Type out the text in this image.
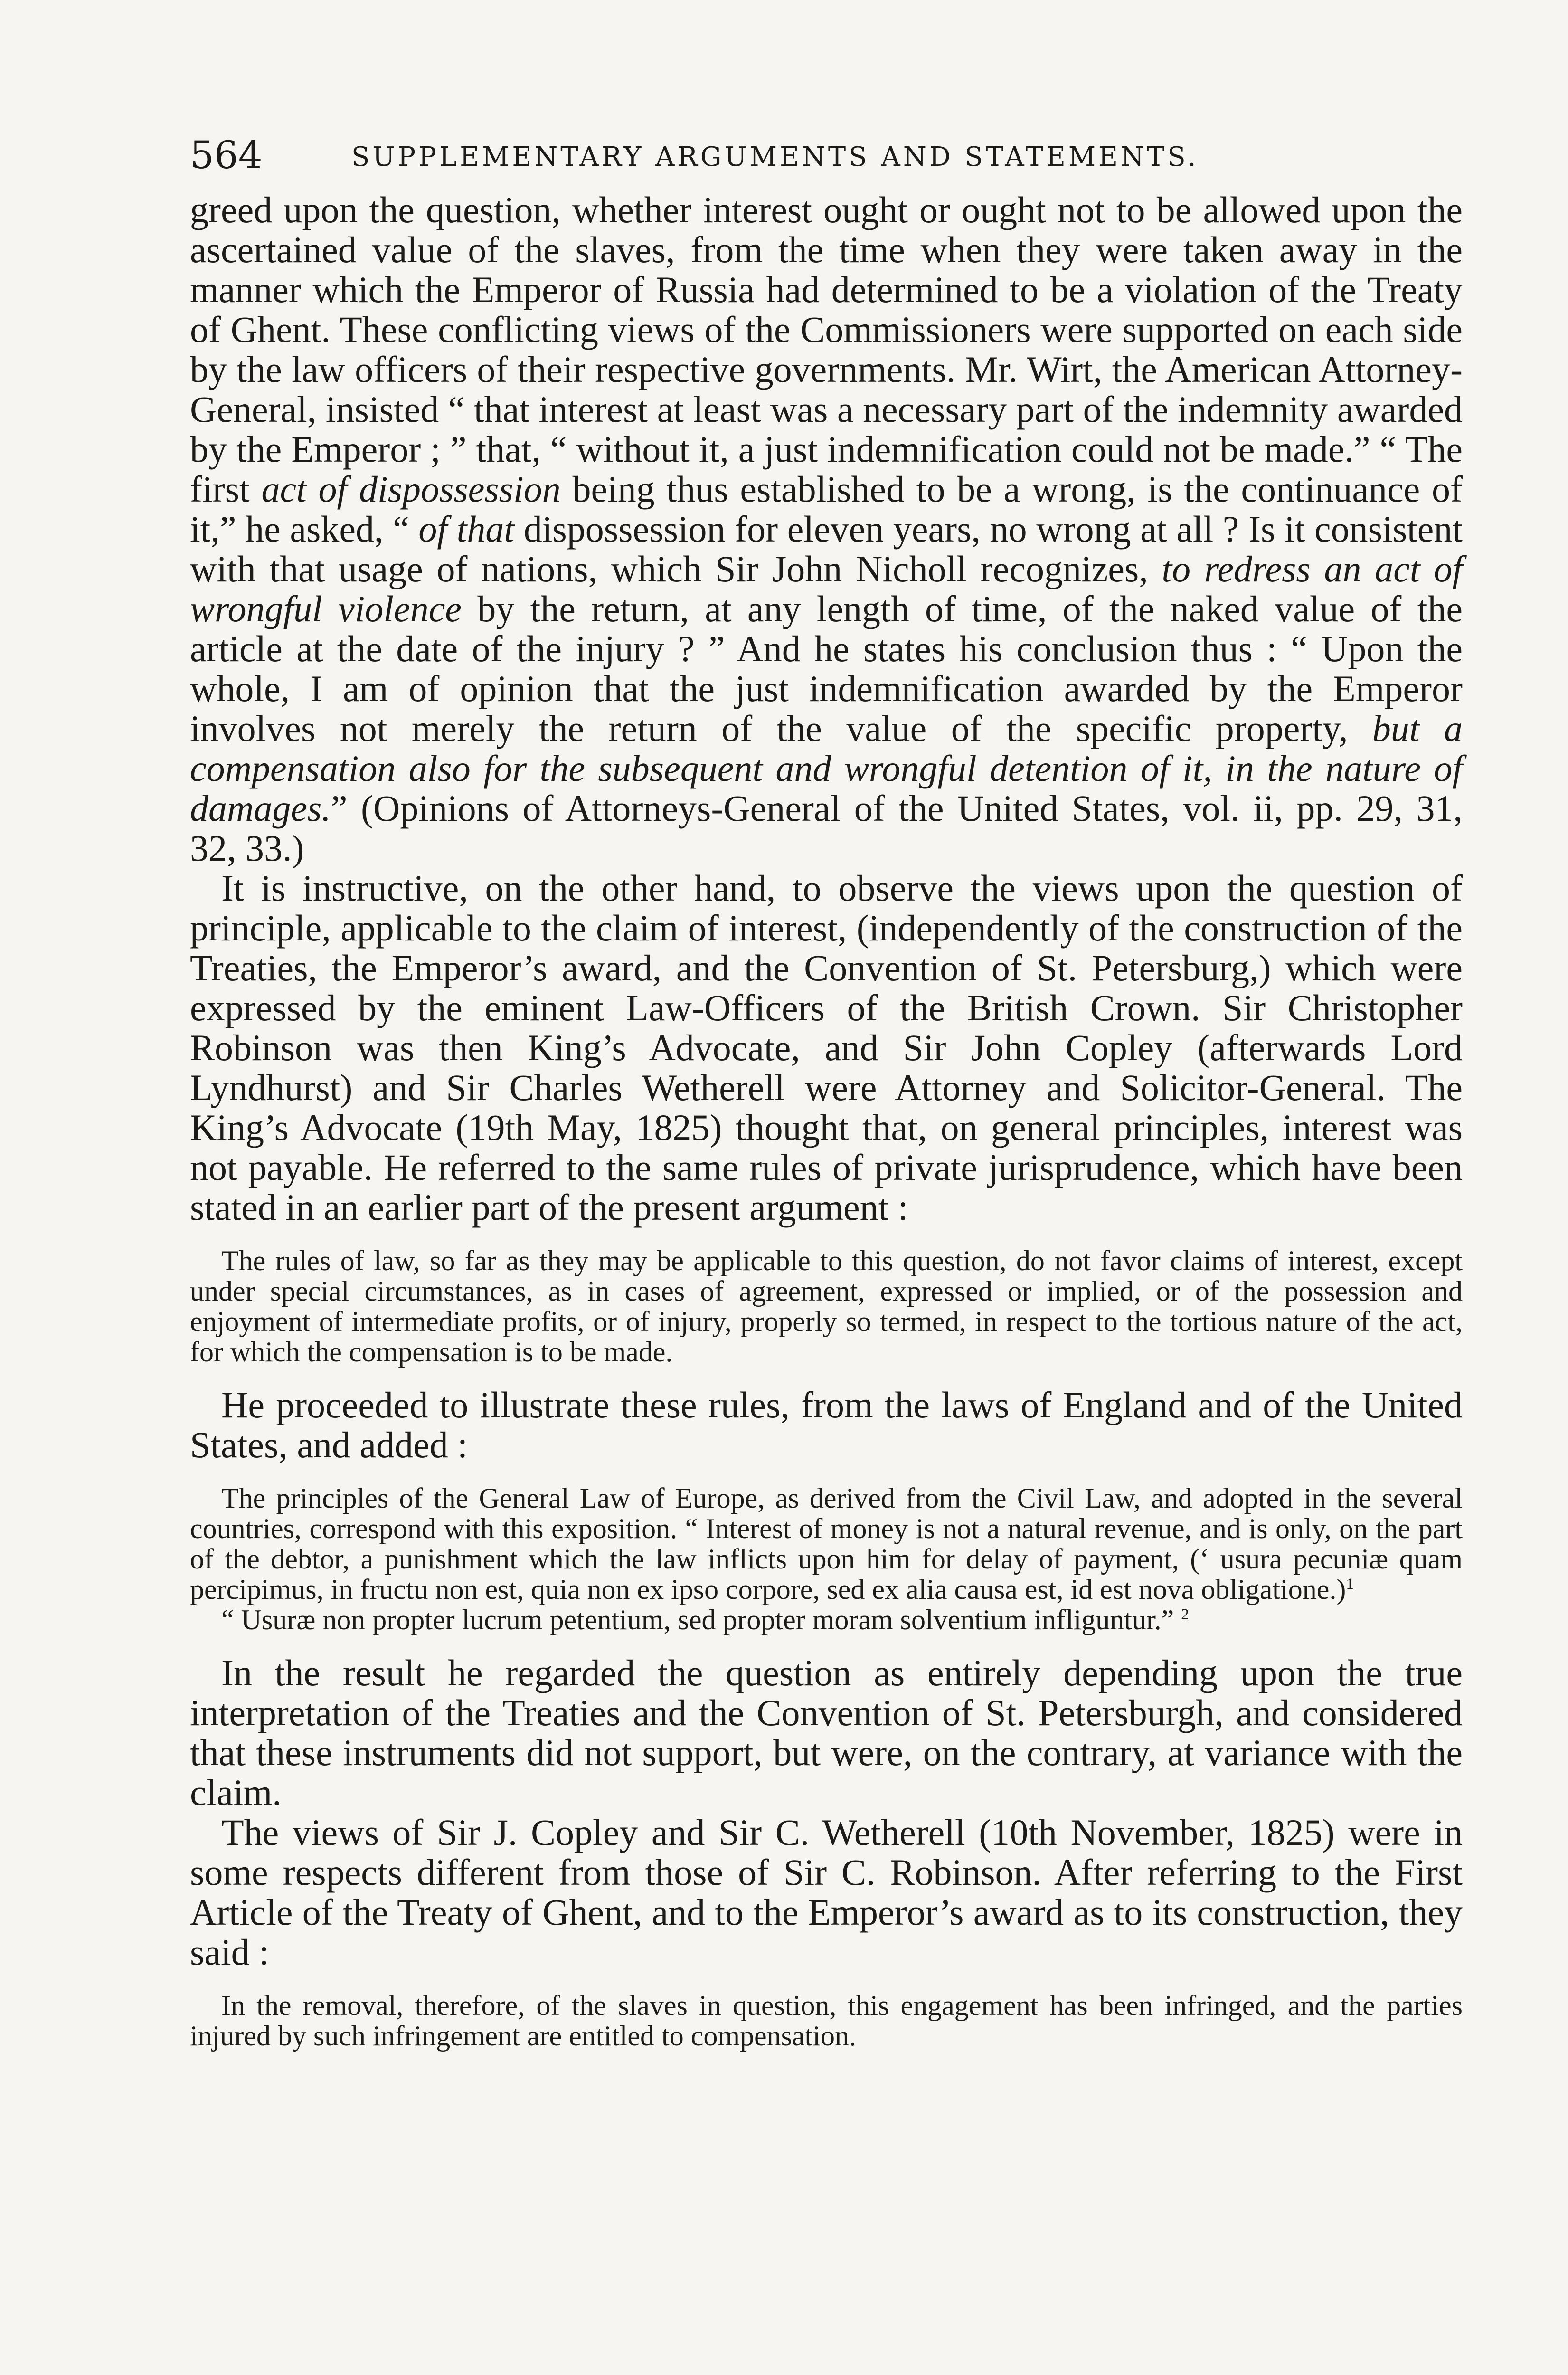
564	SUPPLEMENTARY ARGUMENTS AND STATEMENTS.

greed upon the question, whether interest ought or ought not to be allowed upon the ascertained value of the slaves, from the time when they were taken away in the manner which the Emperor of Russia had determined to be a violation of the Treaty of Ghent. These conflicting views of the Commissioners were supported on each side by the law officers of their respective governments. Mr. Wirt, the American Attorney-General, insisted “ that interest at least was a necessary part of the indemnity awarded by the Emperor ; ” that, “ without it, a just indemnification could not be made.” “ The first act of dispossession being thus established to be a wrong, is the continuance of it,” he asked, “ of that dispossession for eleven years, no wrong at all ? Is it consistent with that usage of nations, which Sir John Nicholl recognizes, to redress an act of wrongful violence by the return, at any length of time, of the naked value of the article at the date of the injury ? ” And he states his conclusion thus : “ Upon the whole, I am of opinion that the just indemnification awarded by the Emperor involves not merely the return of the value of the specific property, but a compensation also for the subsequent and wrongful detention of it, in the nature of damages.” (Opinions of Attorneys-General of the United States, vol. ii, pp. 29, 31, 32, 33.)

It is instructive, on the other hand, to observe the views upon the question of principle, applicable to the claim of interest, (independently of the construction of the Treaties, the Emperor’s award, and the Convention of St. Petersburg,) which were expressed by the eminent Law-Officers of the British Crown. Sir Christopher Robinson was then King’s Advocate, and Sir John Copley (afterwards Lord Lyndhurst) and Sir Charles Wetherell were Attorney and Solicitor-General. The King’s Advocate (19th May, 1825) thought that, on general principles, interest was not payable. He referred to the same rules of private jurisprudence, which have been stated in an earlier part of the present argument :

The rules of law, so far as they may be applicable to this question, do not favor claims of interest, except under special circumstances, as in cases of agreement, expressed or implied, or of the possession and enjoyment of intermediate profits, or of injury, properly so termed, in respect to the tortious nature of the act, for which the compensation is to be made.

He proceeded to illustrate these rules, from the laws of England and of the United States, and added :

The principles of the General Law of Europe, as derived from the Civil Law, and adopted in the several countries, correspond with this exposition. “ Interest of money is not a natural revenue, and is only, on the part of the debtor, a punishment which the law inflicts upon him for delay of payment, (‘ usura pecuniæ quam percipimus, in fructu non est, quia non ex ipso corpore, sed ex alia causa est, id est nova obligatione.)$^1$

“ Usuræ non propter lucrum petentium, sed propter moram solventium infliguntur.” $^2$

In the result he regarded the question as entirely depending upon the true interpretation of the Treaties and the Convention of St. Petersburgh, and considered that these instruments did not support, but were, on the contrary, at variance with the claim.

The views of Sir J. Copley and Sir C. Wetherell (10th November, 1825) were in some respects different from those of Sir C. Robinson. After referring to the First Article of the Treaty of Ghent, and to the Emperor’s award as to its construction, they said :

In the removal, therefore, of the slaves in question, this engagement has been infringed, and the parties injured by such infringement are entitled to compensation.
